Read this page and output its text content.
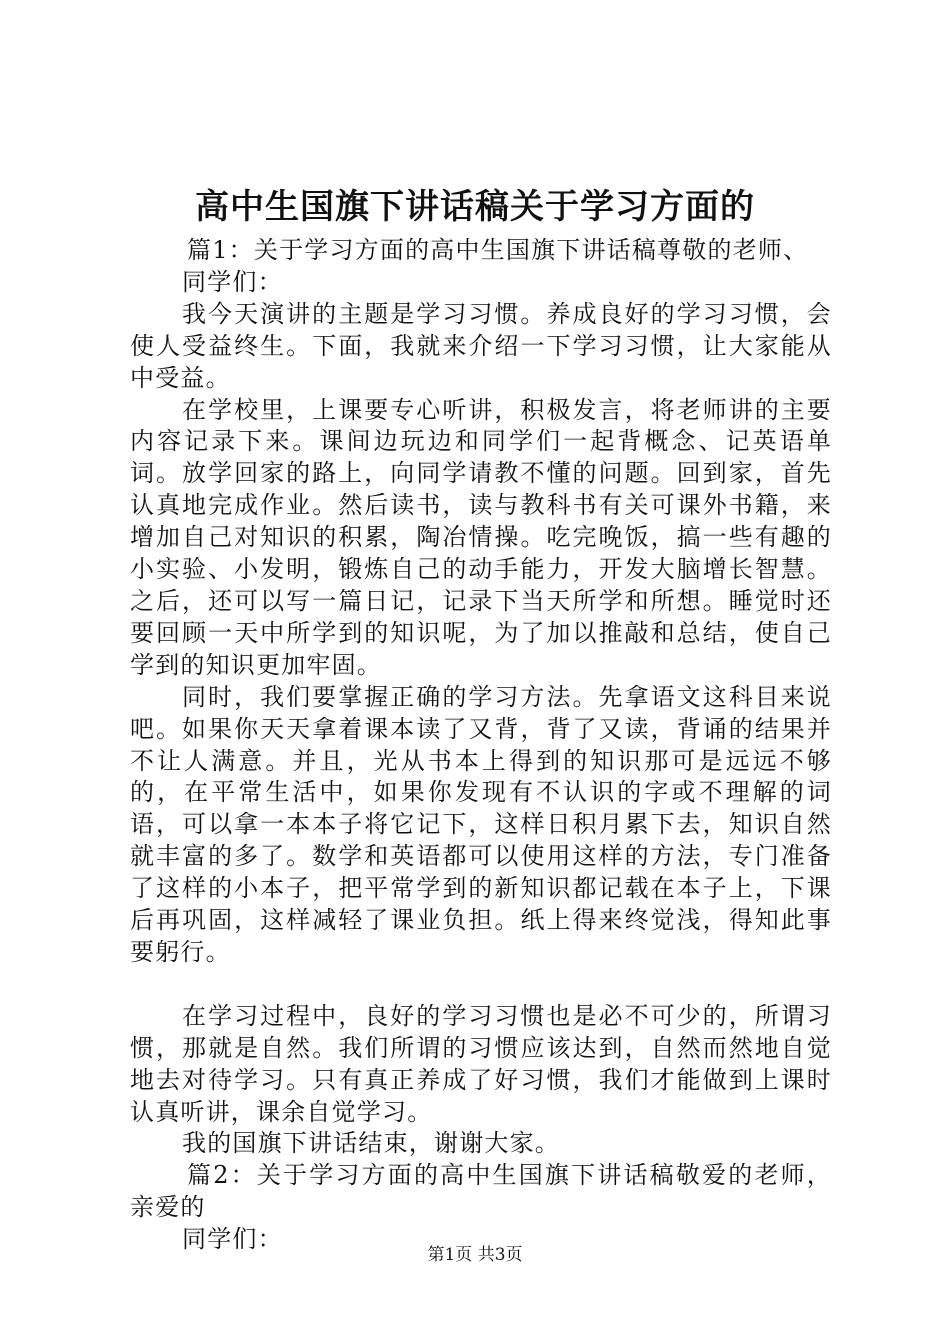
高中生国旗下讲话稿关于学习方面的

篇1：关于学习方面的高中生国旗下讲话稿尊敬的老师、

同学们：

我今天演讲的主题是学习习惯。养成良好的学习习惯，会使人受益终生。下面，我就来介绍一下学习习惯，让大家能从中受益。

在学校里，上课要专心听讲，积极发言，将老师讲的主要内容记录下来。课间边玩边和同学们一起背概念、记英语单词。放学回家的路上，向同学请教不懂的问题。回到家，首先认真地完成作业。然后读书，读与教科书有关可课外书籍，来增加自己对知识的积累，陶冶情操。吃完晚饭，搞一些有趣的小实验、小发明，锻炼自己的动手能力，开发大脑增长智慧。之后，还可以写一篇日记，记录下当天所学和所想。睡觉时还要回顾一天中所学到的知识呢，为了加以推敲和总结，使自己学到的知识更加牢固。

同时，我们要掌握正确的学习方法。先拿语文这科目来说吧。如果你天天拿着课本读了又背，背了又读，背诵的结果并不让人满意。并且，光从书本上得到的知识那可是远远不够的，在平常生活中，如果你发现有不认识的字或不理解的词语，可以拿一本本子将它记下，这样日积月累下去，知识自然就丰富的多了。数学和英语都可以使用这样的方法，专门准备了这样的小本子，把平常学到的新知识都记载在本子上，下课后再巩固，这样减轻了课业负担。纸上得来终觉浅，得知此事要躬行。

在学习过程中，良好的学习习惯也是必不可少的，所谓习惯，那就是自然。我们所谓的习惯应该达到，自然而然地自觉地去对待学习。只有真正养成了好习惯，我们才能做到上课时认真听讲，课余自觉学习。

我的国旗下讲话结束，谢谢大家。

篇2：关于学习方面的高中生国旗下讲话稿敬爱的老师，亲爱的

同学们：

第1页 共3页
